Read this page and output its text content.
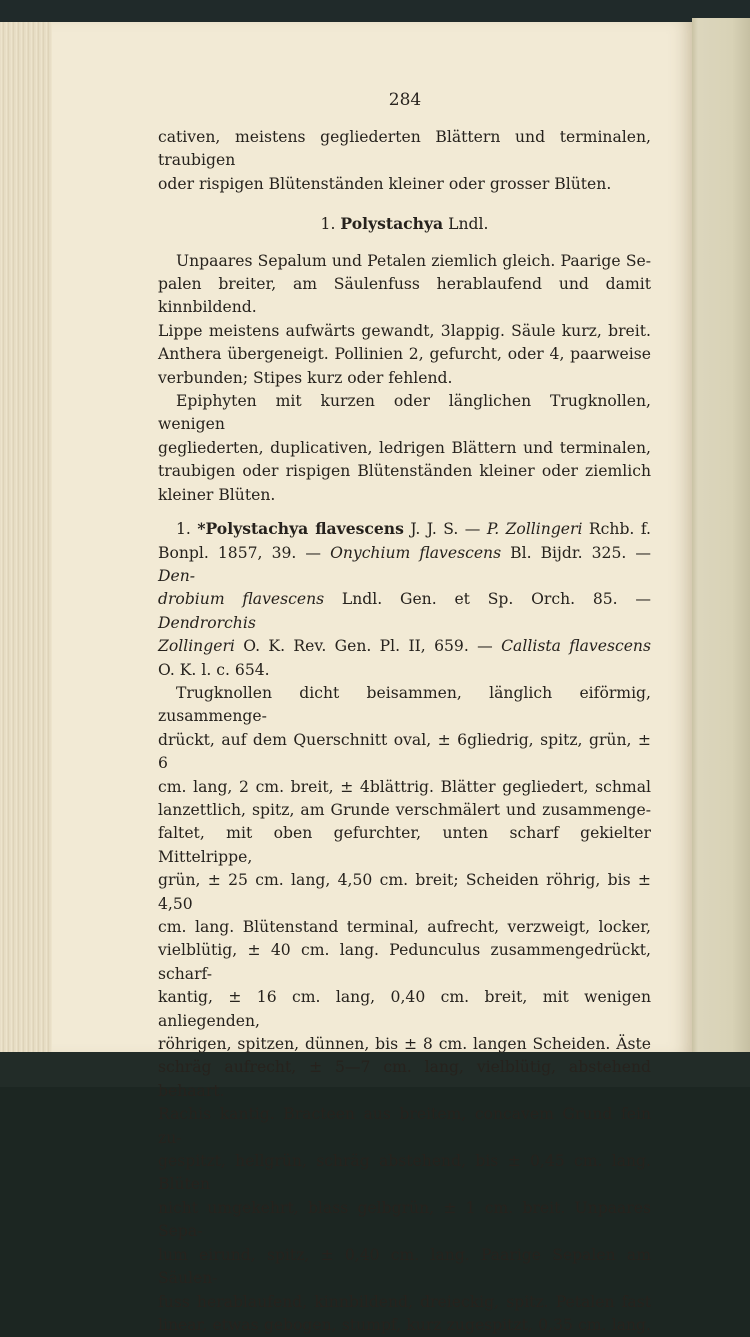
284

cativen, meistens gegliederten Blättern und terminalen, traubigen

oder rispigen Blütenständen kleiner oder grosser Blüten.

1. Polystachya Lndl.

Unpaares Sepalum und Petalen ziemlich gleich. Paarige Se-

palen breiter, am Säulenfuss herablaufend und damit kinnbildend.

Lippe meistens aufwärts gewandt, 3lappig. Säule kurz, breit.

Anthera übergeneigt. Pollinien 2, gefurcht, oder 4, paarweise

verbunden; Stipes kurz oder fehlend.

Epiphyten mit kurzen oder länglichen Trugknollen, wenigen

gegliederten, duplicativen, ledrigen Blättern und terminalen,

traubigen oder rispigen Blütenständen kleiner oder ziemlich

kleiner Blüten.

1. *Polystachya flavescens J. J. S. — P. Zollingeri Rchb. f.

Bonpl. 1857, 39. — Onychium flavescens Bl. Bijdr. 325. — Den-

drobium flavescens Lndl. Gen. et Sp. Orch. 85. — Dendrorchis

Zollingeri O. K. Rev. Gen. Pl. II, 659. — Callista flavescens

O. K. l. c. 654.

Trugknollen dicht beisammen, länglich eiförmig, zusammenge-

drückt, auf dem Querschnitt oval, ± 6gliedrig, spitz, grün, ± 6

cm. lang, 2 cm. breit, ± 4blättrig. Blätter gegliedert, schmal

lanzettlich, spitz, am Grunde verschmälert und zusammenge-

faltet, mit oben gefurchter, unten scharf gekielter Mittelrippe,

grün, ± 25 cm. lang, 4,50 cm. breit; Scheiden röhrig, bis ± 4,50

cm. lang. Blütenstand terminal, aufrecht, verzweigt, locker,

vielblütig, ± 40 cm. lang. Pedunculus zusammengedrückt, scharf-

kantig, ± 16 cm. lang, 0,40 cm. breit, mit wenigen anliegenden,

röhrigen, spitzen, dünnen, bis ± 8 cm. langen Scheiden. Äste

schräg aufrecht, ± 5—7 cm. lang, vielblütig, abstehend behaart.

Rachis kantig. Bracteen aus breitem, concavem Grund fein zu-

gespitzt, hellgrün, schräg abstehend, bis ± 0,45 cm. lang. Blüten

nicht umgekehrt, blass gelbgrün, ± 1 cm. breit. Unpaares Sepa-

lum eirund, spitz, ± 0,40 cm. lang. Paarige Sepalen am Säulen-

fuss herablaufend, kinnbildend, dreieckig, spitz. Petalen fast

linear, etwas gebogen, stumpf, kurz zugespitzt, 0,35 cm. lang.
